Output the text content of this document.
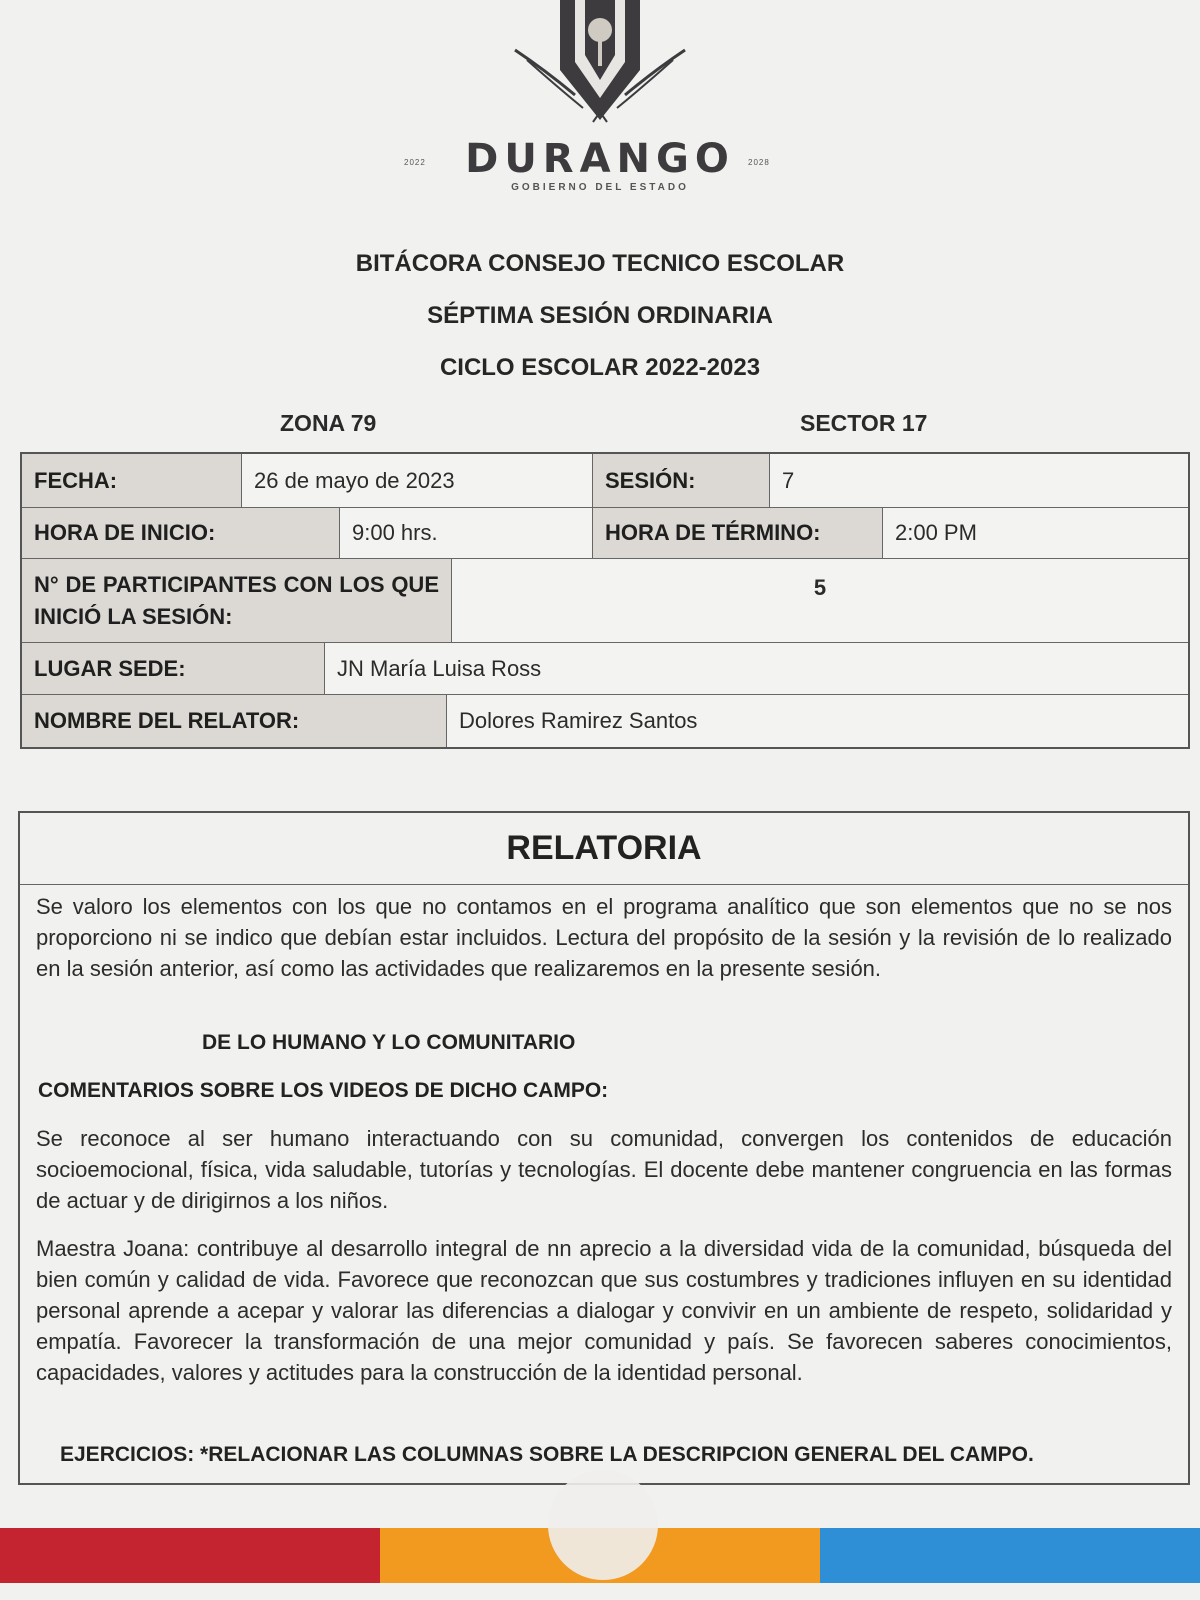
2022 DURANGO	2028
GOBIERNO DEL ESTADO
BITÁCORA CONSEJO TECNICO ESCOLAR
SÉPTIMA SESIÓN ORDINARIA
CICLO ESCOLAR 2022-2023
ZONA 79	SECTOR 17
FECHA:	26 de mayo de 2023	SESIÓN:	7
HORA DE INICIO:	9:00 hrs.	HORA DE TÉRMINO:	2:00 PM
N° DE PARTICIPANTES CON LOS QUE INICIÓ LA SESIÓN:
5
LUGAR SEDE:	JN María Luisa Ross
NOMBRE DEL RELATOR:	Dolores Ramirez Santos
RELATORIA
Se valoro los elementos con los que no contamos en el programa analítico que son elementos que no se nos proporciono ni se indico que debían estar incluidos. Lectura del propósito de la sesión y la revisión de lo realizado en la sesión anterior, así como las actividades que realizaremos en la presente sesión.
DE LO HUMANO Y LO COMUNITARIO
COMENTARIOS SOBRE LOS VIDEOS DE DICHO CAMPO:
Se reconoce al ser humano interactuando con su comunidad, convergen los contenidos de educación socioemocional, física, vida saludable, tutorías y tecnologías. El docente debe mantener congruencia en las formas de actuar y de dirigirnos a los niños.
Maestra Joana: contribuye al desarrollo integral de nn aprecio a la diversidad vida de la comunidad, búsqueda del bien común y calidad de vida. Favorece que reconozcan que sus costumbres y tradiciones influyen en su identidad personal aprende a acepar y valorar las diferencias a dialogar y convivir en un ambiente de respeto, solidaridad y empatía. Favorecer la transformación de una mejor comunidad y país. Se favorecen saberes conocimientos, capacidades, valores y actitudes para la construcción de la identidad personal.
EJERCICIOS: *RELACIONAR LAS COLUMNAS SOBRE LA DESCRIPCION GENERAL DEL CAMPO.
